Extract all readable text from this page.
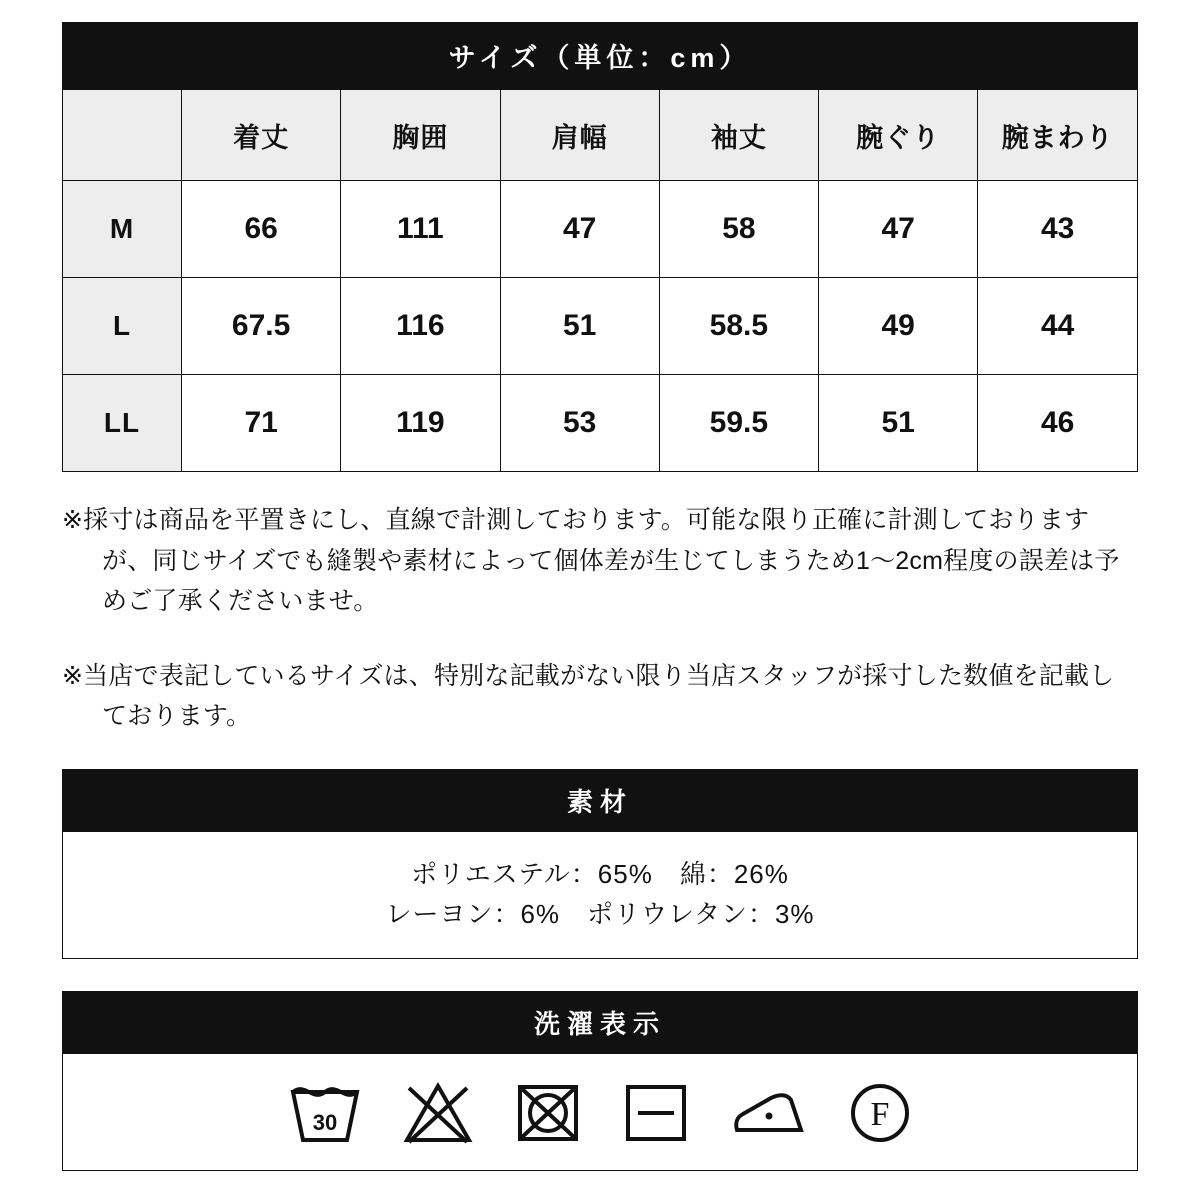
サイズ（単位：cm）
	着丈	胸囲	肩幅	袖丈	腕ぐり	腕まわり
M	66	111	47	58	47	43
L	67.5	116	51	58.5	49	44
LL	71	119	53	59.5	51	46

※採寸は商品を平置きにし、直線で計測しております。可能な限り正確に計測しておりますが、同じサイズでも縫製や素材によって個体差が生じてしまうため1〜2cm程度の誤差は予めご了承くださいませ。

※当店で表記しているサイズは、特別な記載がない限り当店スタッフが採寸した数値を記載しております。

素材
ポリエステル：65%　綿：26%
レーヨン：6%　ポリウレタン：3%
洗濯表示
30	F
